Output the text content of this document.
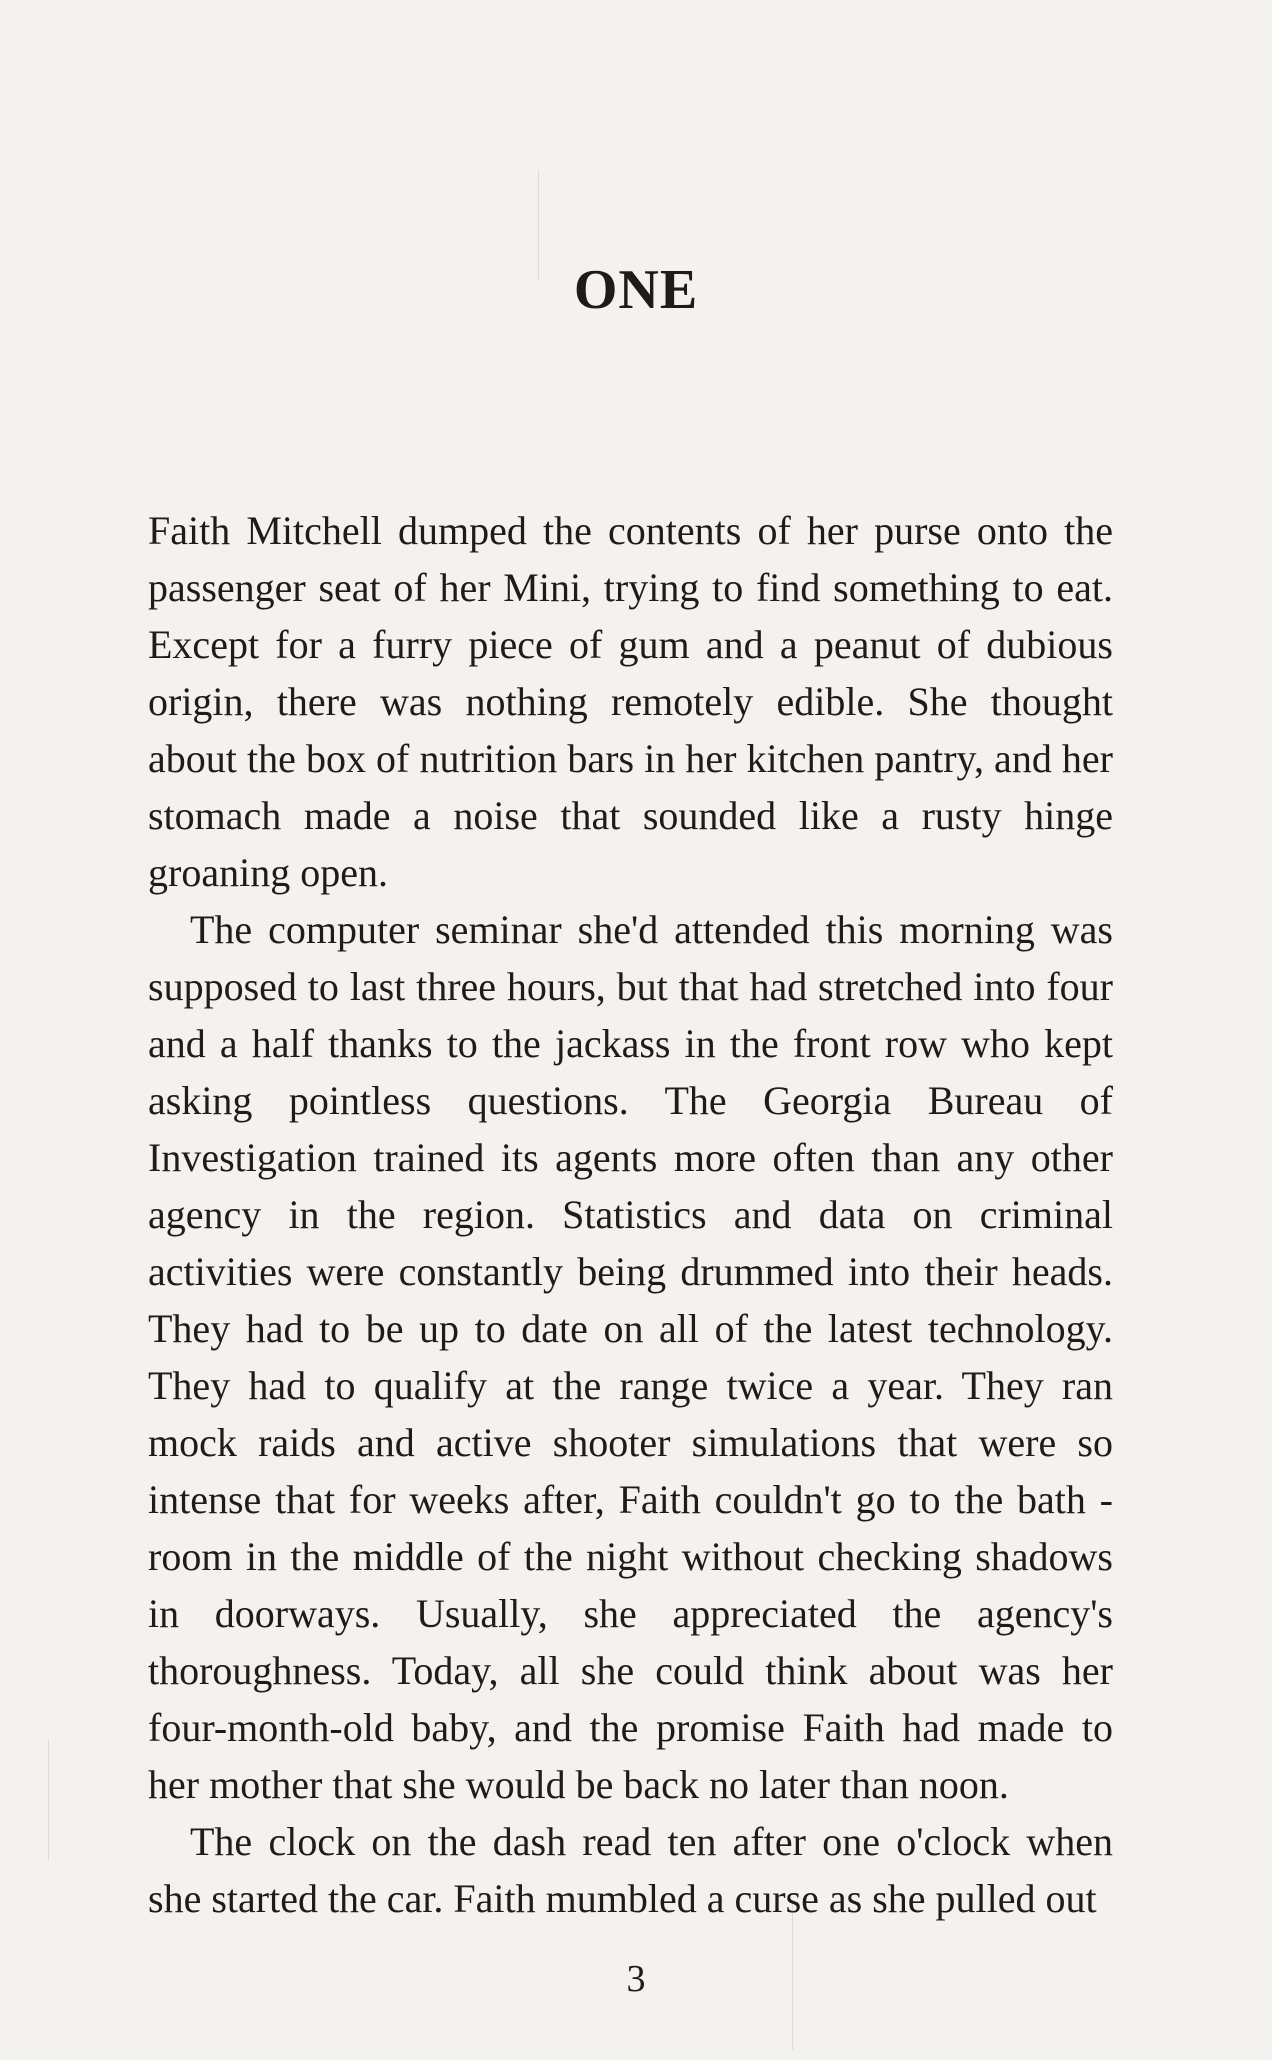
ONE

Faith Mitchell dumped the contents of her purse onto the passenger seat of her Mini, trying to find something to eat. Except for a furry piece of gum and a peanut of dubious origin, there was nothing remotely edible. She thought about the box of nutrition bars in her kitchen pantry, and her stomach made a noise that sounded like a rusty hinge groaning open.

The computer seminar she'd attended this morning was supposed to last three hours, but that had stretched into four and a half thanks to the jackass in the front row who kept asking pointless questions. The Georgia Bureau of Investigation trained its agents more often than any other agency in the region. Statistics and data on criminal activities were constantly being drummed into their heads. They had to be up to date on all of the latest technology. They had to qualify at the range twice a year. They ran mock raids and active shooter simulations that were so intense that for weeks after, Faith couldn't go to the bath - room in the middle of the night without checking shadows in doorways. Usually, she appreciated the agency's thoroughness. Today, all she could think about was her four-month-old baby, and the promise Faith had made to her mother that she would be back no later than noon.

The clock on the dash read ten after one o'clock when she started the car. Faith mumbled a curse as she pulled out

3
